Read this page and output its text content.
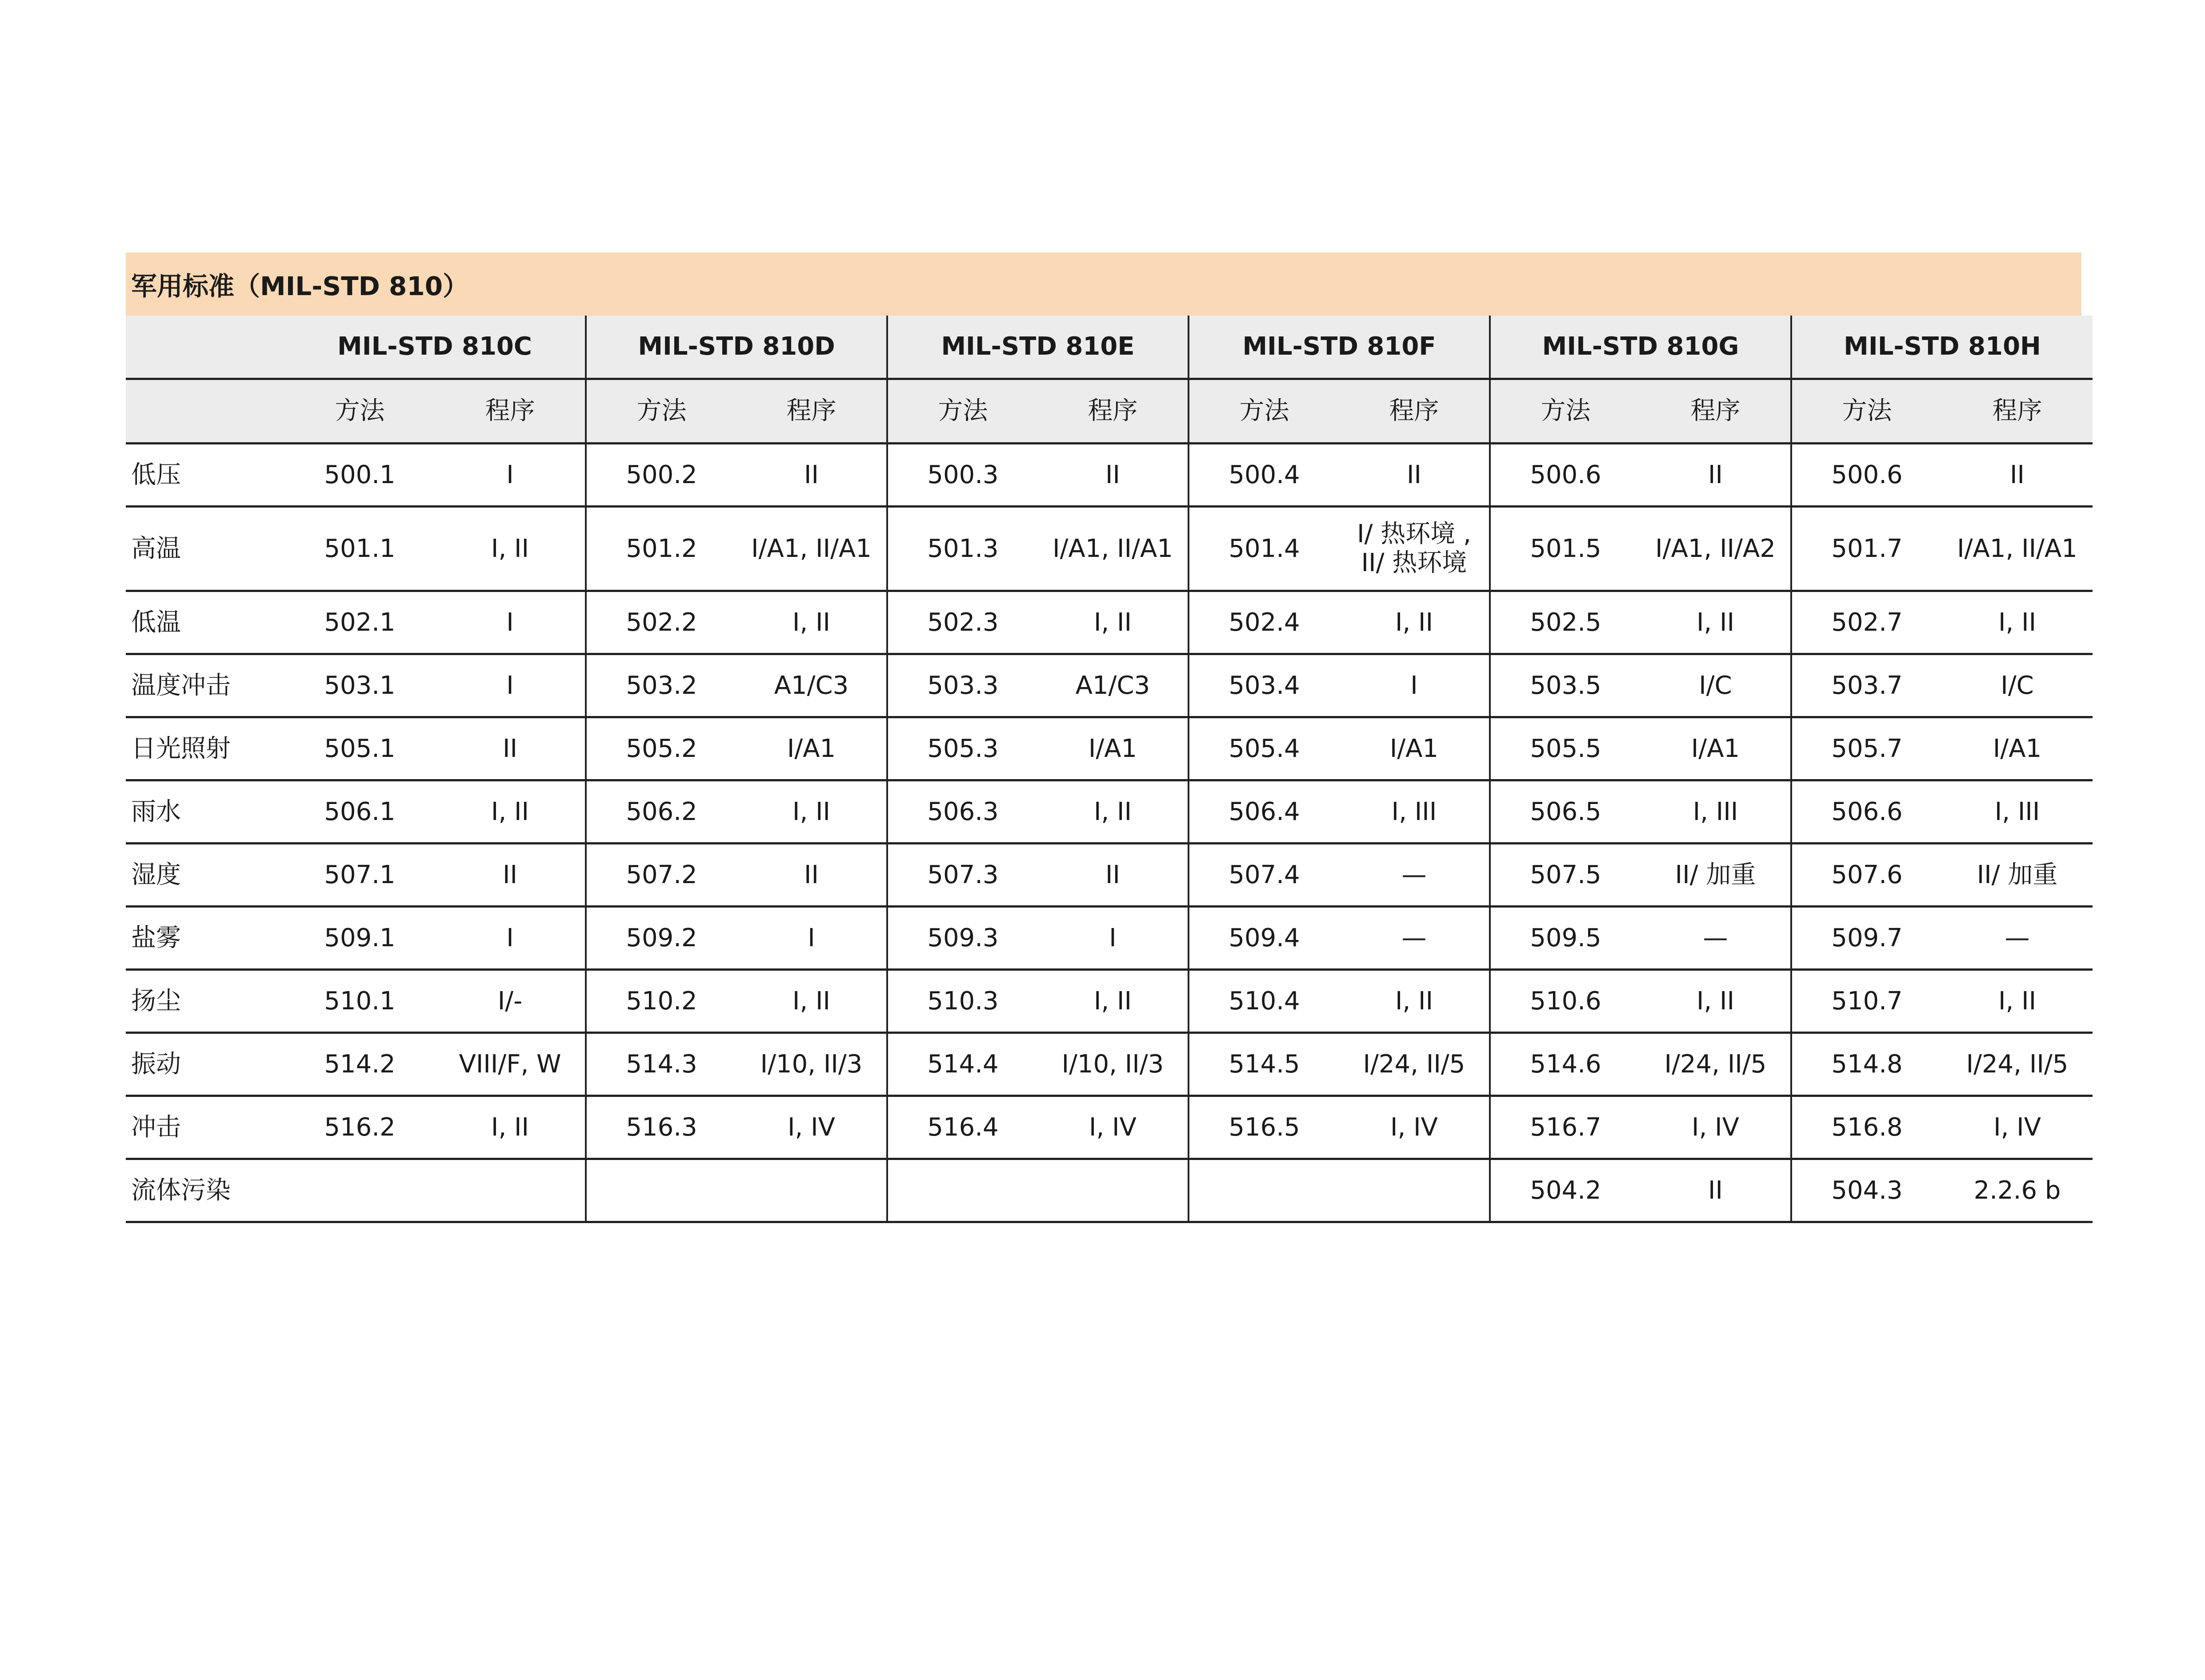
军用标准（MIL-STD 810）
	MIL-STD 810C		MIL-STD 810D		MIL-STD 810E		MIL-STD 810F		MIL-STD 810G		MIL-STD 810H	
	方法	程序	方法	程序	方法	程序	方法	程序	方法	程序	方法	程序
低压	500.1	I	500.2	II	500.3	II	500.4	II	500.6	II	500.6	II
高温	501.1	I, II	501.2	I/A1, II/A1	501.3	I/A1, II/A1	501.4	I/ 热环境 ,
II/ 热环境	501.5	I/A1, II/A2	501.7	I/A1, II/A1
低温	502.1	I	502.2	I, II	502.3	I, II	502.4	I, II	502.5	I, II	502.7	I, II
温度冲击	503.1	I	503.2	A1/C3	503.3	A1/C3	503.4	I	503.5	I/C	503.7	I/C
日光照射	505.1	II	505.2	I/A1	505.3	I/A1	505.4	I/A1	505.5	I/A1	505.7	I/A1
雨水	506.1	I, II	506.2	I, II	506.3	I, II	506.4	I, III	506.5	I, III	506.6	I, III
湿度	507.1	II	507.2	II	507.3	II	507.4	—	507.5	II/ 加重	507.6	II/ 加重
盐雾	509.1	I	509.2	I	509.3	I	509.4	—	509.5	—	509.7	—
扬尘	510.1	I/-	510.2	I, II	510.3	I, II	510.4	I, II	510.6	I, II	510.7	I, II
振动	514.2	VIII/F, W	514.3	I/10, II/3	514.4	I/10, II/3	514.5	I/24, II/5	514.6	I/24, II/5	514.8	I/24, II/5
冲击	516.2	I, II	516.3	I, IV	516.4	I, IV	516.5	I, IV	516.7	I, IV	516.8	I, IV
流体污染									504.2	II	504.3	2.2.6 b
